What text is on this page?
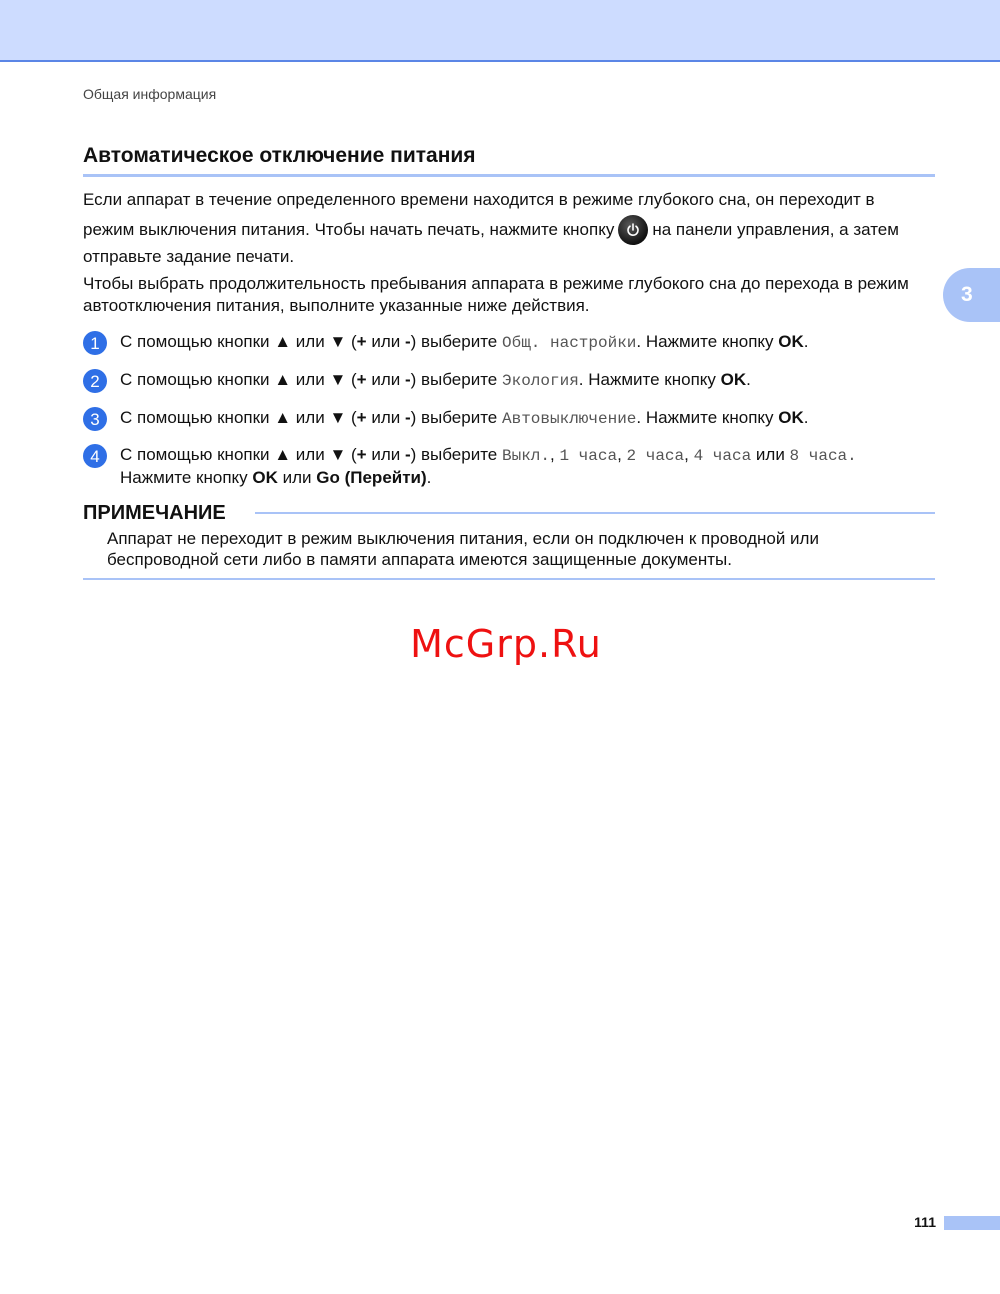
Общая информация
3
Автоматическое отключение питания
Если аппарат в течение определенного времени находится в режиме глубокого сна, он переходит в
режим выключения питания. Чтобы начать печать, нажмите кнопку на панели управления, а затем
отправьте задание печати.
Чтобы выбрать продолжительность пребывания аппарата в режиме глубокого сна до перехода в режим автоотключения питания, выполните указанные ниже действия.
1	С помощью кнопки ▲ или ▼ (+ или -) выберите Общ. настройки. Нажмите кнопку OK.
2	С помощью кнопки ▲ или ▼ (+ или -) выберите Экология. Нажмите кнопку OK.
3	С помощью кнопки ▲ или ▼ (+ или -) выберите Автовыключение. Нажмите кнопку OK.
4	С помощью кнопки ▲ или ▼ (+ или -) выберите Выкл., 1 часа, 2 часа, 4 часа или 8 часа.
Нажмите кнопку OK или Go (Перейти).
ПРИМЕЧАНИЕ
Аппарат не переходит в режим выключения питания, если он подключен к проводной или беспроводной сети либо в памяти аппарата имеются защищенные документы.
McGrp.Ru
111
